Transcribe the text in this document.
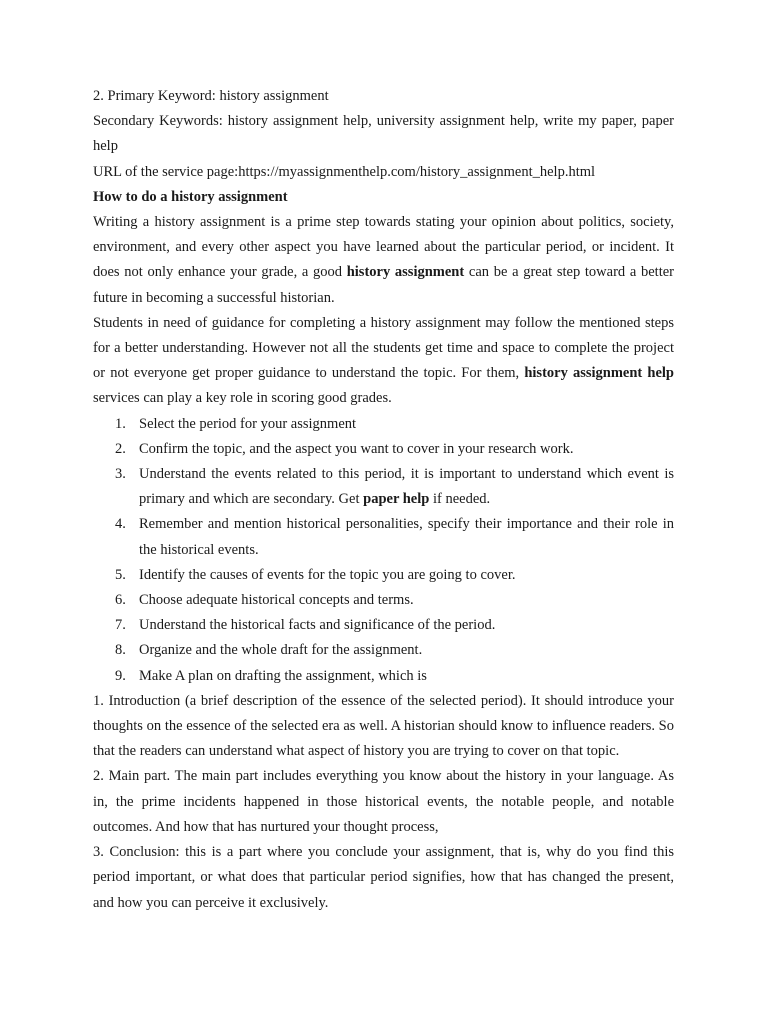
2. Primary Keyword: history assignment

Secondary Keywords: history assignment help, university assignment help, write my paper, paper help

URL of the service page:https://myassignmenthelp.com/history_assignment_help.html

How to do a history assignment

Writing a history assignment is a prime step towards stating your opinion about politics, society, environment, and every other aspect you have learned about the particular period, or incident. It does not only enhance your grade, a good history assignment can be a great step toward a better future in becoming a successful historian.

Students in need of guidance for completing a history assignment may follow the mentioned steps for a better understanding. However not all the students get time and space to complete the project or not everyone get proper guidance to understand the topic. For them, history assignment help services can play a key role in scoring good grades.

1. Select the period for your assignment
2. Confirm the topic, and the aspect you want to cover in your research work.
3. Understand the events related to this period, it is important to understand which event is primary and which are secondary. Get paper help if needed.
4. Remember and mention historical personalities, specify their importance and their role in the historical events.
5. Identify the causes of events for the topic you are going to cover.
6. Choose adequate historical concepts and terms.
7. Understand the historical facts and significance of the period.
8. Organize and the whole draft for the assignment.
9. Make A plan on drafting the assignment, which is

1. Introduction (a brief description of the essence of the selected period). It should introduce your thoughts on the essence of the selected era as well. A historian should know to influence readers. So that the readers can understand what aspect of history you are trying to cover on that topic.

2. Main part. The main part includes everything you know about the history in your language. As in, the prime incidents happened in those historical events, the notable people, and notable outcomes. And how that has nurtured your thought process,

3. Conclusion: this is a part where you conclude your assignment, that is, why do you find this period important, or what does that particular period signifies, how that has changed the present, and how you can perceive it exclusively.
